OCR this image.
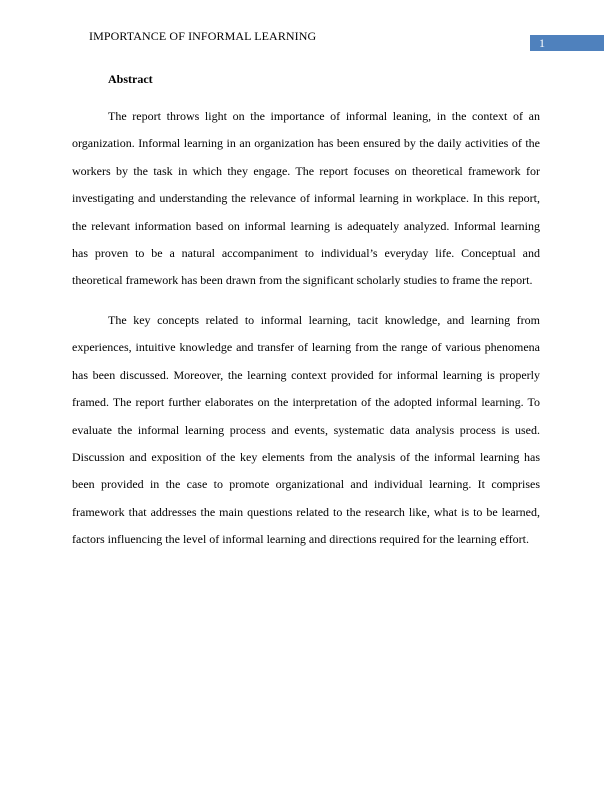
IMPORTANCE OF INFORMAL LEARNING	1
Abstract

The report throws light on the importance of informal leaning, in the context of an organization. Informal learning in an organization has been ensured by the daily activities of the workers by the task in which they engage. The report focuses on theoretical framework for investigating and understanding the relevance of informal learning in workplace. In this report, the relevant information based on informal learning is adequately analyzed. Informal learning has proven to be a natural accompaniment to individual’s everyday life. Conceptual and theoretical framework has been drawn from the significant scholarly studies to frame the report.

The key concepts related to informal learning, tacit knowledge, and learning from experiences, intuitive knowledge and transfer of learning from the range of various phenomena has been discussed. Moreover, the learning context provided for informal learning is properly framed. The report further elaborates on the interpretation of the adopted informal learning. To evaluate the informal learning process and events, systematic data analysis process is used. Discussion and exposition of the key elements from the analysis of the informal learning has been provided in the case to promote organizational and individual learning. It comprises framework that addresses the main questions related to the research like, what is to be learned, factors influencing the level of informal learning and directions required for the learning effort.
